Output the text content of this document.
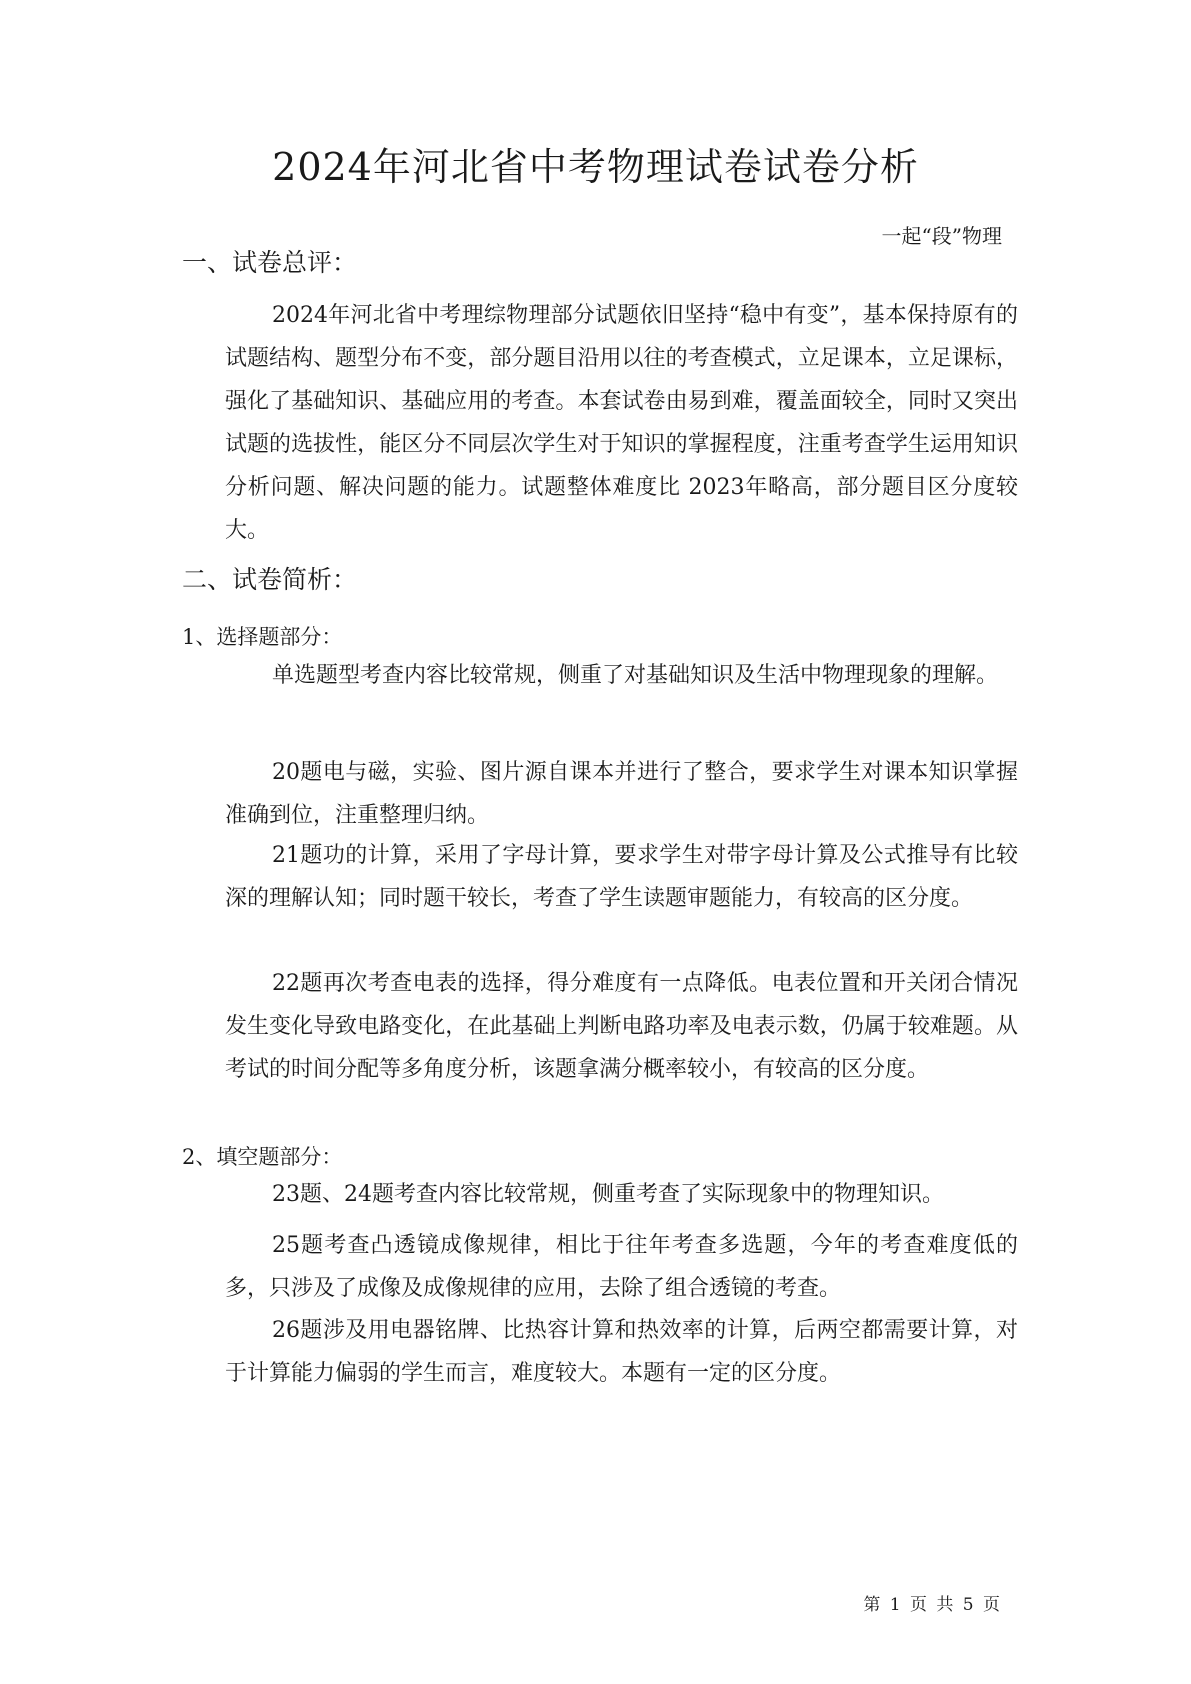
2024年河北省中考物理试卷试卷分析
一起“段”物理
一、试卷总评：

2024年河北省中考理综物理部分试题依旧坚持“稳中有变”，基本保持原有的试题结构、题型分布不变，部分题目沿用以往的考查模式，立足课本，立足课标，强化了基础知识、基础应用的考查。本套试卷由易到难，覆盖面较全，同时又突出试题的选拔性，能区分不同层次学生对于知识的掌握程度，注重考查学生运用知识分析问题、解决问题的能力。试题整体难度比 2023年略高，部分题目区分度较大。

二、试卷简析：
1、选择题部分：

单选题型考查内容比较常规，侧重了对基础知识及生活中物理现象的理解。

20题电与磁，实验、图片源自课本并进行了整合，要求学生对课本知识掌握准确到位，注重整理归纳。

21题功的计算，采用了字母计算，要求学生对带字母计算及公式推导有比较深的理解认知；同时题干较长，考查了学生读题审题能力，有较高的区分度。

22题再次考查电表的选择，得分难度有一点降低。电表位置和开关闭合情况发生变化导致电路变化，在此基础上判断电路功率及电表示数，仍属于较难题。从考试的时间分配等多角度分析，该题拿满分概率较小，有较高的区分度。

2、填空题部分：

23题、24题考查内容比较常规，侧重考查了实际现象中的物理知识。

25题考查凸透镜成像规律，相比于往年考查多选题，今年的考查难度低的多，只涉及了成像及成像规律的应用，去除了组合透镜的考查。

26题涉及用电器铭牌、比热容计算和热效率的计算，后两空都需要计算，对于计算能力偏弱的学生而言，难度较大。本题有一定的区分度。

第 1 页 共 5 页
